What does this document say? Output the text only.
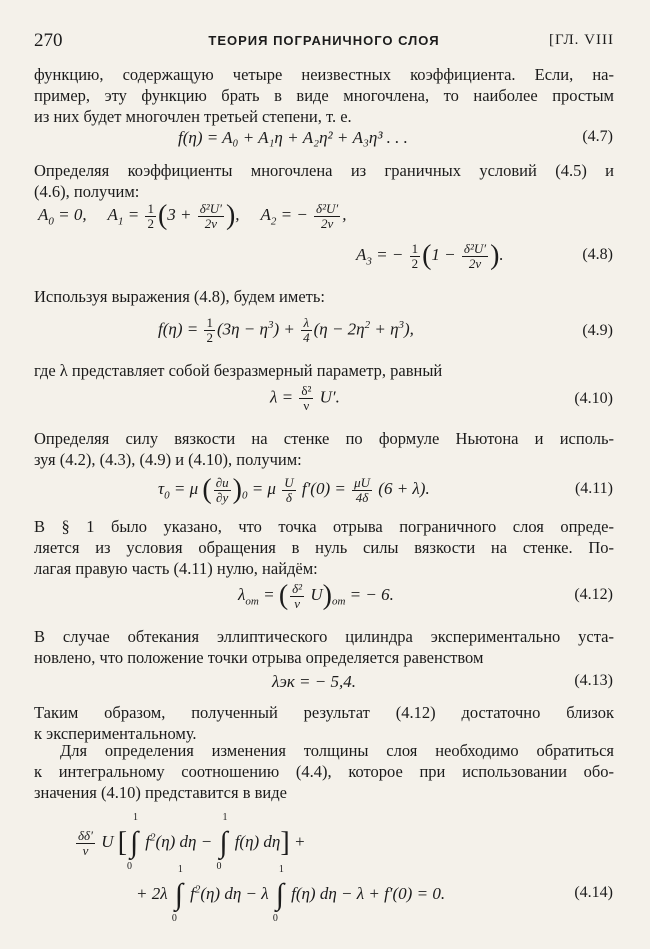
270	ТЕОРИЯ ПОГРАНИЧНОГО СЛОЯ	[ГЛ. VIII
функцию, содержащую четыре неизвестных коэффициента. Если, на-
пример, эту функцию брать в виде многочлена, то наиболее простым
из них будет многочлен третьей степени, т. е.
f(η) = A₀ + A₁η + A₂η² + A₃η³ . . .	(4.7)
Определяя коэффициенты многочлена из граничных условий (4.5) и
(4.6), получим:
$A_0 = 0$,     $A_1 = \frac{1}{2} (3 + \frac{\text{δ²U′}}{2\nu}$ ),     $A_2$ = − $\frac{\text{δ²U′}}{2\nu}$ ,
$A_3$ = − $\frac{1}{2} (1 - \frac{\text{δ²U′}}{2\nu}$ ).	(4.8)
Используя выражения (4.8), будем иметь:
$f(\eta) = \frac{1}{2} (3\eta - \eta^3) + \frac{\lambda}{4} (\eta - 2\eta^2 + \eta^3)$,	(4.9)
где λ представляет собой безразмерный параметр, равный
$\lambda = \frac{\text{δ²}}{\nu} U'$.	(4.10)
Определяя силу вязкости на стенке по формуле Ньютона и исполь-
зуя (4.2), (4.3), (4.9) и (4.10), получим:
$\tau_0 = \mu$ ( $\frac{\partial u}{\partial y} )_0 = \mu \frac{U}{\delta} f'(0) = \frac{\mu U}{4\delta} (6 + \lambda)$.	(4.11)
В § 1 было указано, что точка отрыва пограничного слоя опреде-
ляется из условия обращения в нуль силы вязкости на стенке. По-
лагая правую часть (4.11) нулю, найдём:
$\lambda_{от}$ = ( $\frac{\text{δ²}}{\nu} U)_{от}$ = − 6.	(4.12)
В случае обтекания эллиптического цилиндра экспериментально уста-
новлено, что положение точки отрыва определяется равенством
λэк = − 5,4.	(4.13)
Таким образом, полученный результат (4.12) достаточно близок
к экспериментальному.
Для определения изменения толщины слоя необходимо обратиться
к интегральному соотношению (4.4), которое при использовании обо-
значения (4.10) представится в виде
$\frac{\delta\delta'}{\nu}$ U [∫
1
0
$f^2(\eta) d\eta$ − ∫
1
0
f(η) dη] +
+ 2λ ∫
1
0
$f^2(\eta) d\eta - \lambda$ ∫
1
0
f(η) dη − λ + f′(0) = 0.	(4.14)
